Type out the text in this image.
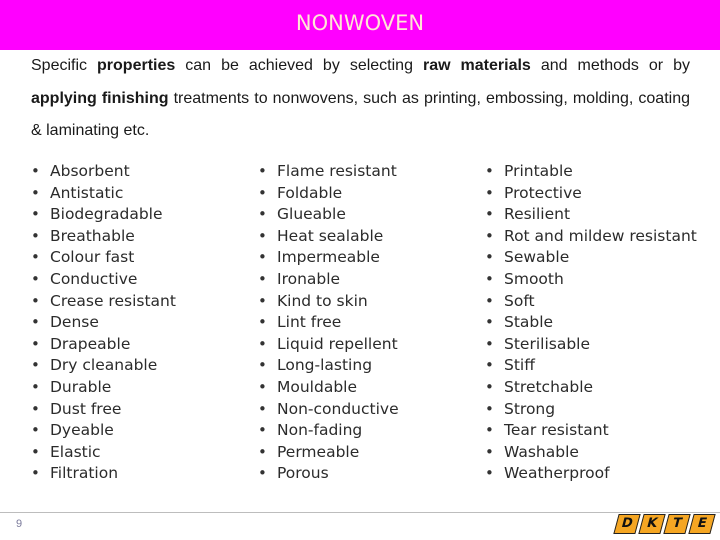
NONWOVEN

Specific properties can be achieved by selecting raw materials and methods or by applying finishing treatments to nonwovens, such as printing, embossing, molding, coating & laminating etc.

• Absorbent
• Antistatic
• Biodegradable
• Breathable
• Colour fast
• Conductive
• Crease resistant
• Dense
• Drapeable
• Dry cleanable
• Durable
• Dust free
• Dyeable
• Elastic
• Filtration
• Flame resistant
• Foldable
• Glueable
• Heat sealable
• Impermeable
• Ironable
• Kind to skin
• Lint free
• Liquid repellent
• Long-lasting
• Mouldable
• Non-conductive
• Non-fading
• Permeable
• Porous
• Printable
• Protective
• Resilient
• Rot and mildew resistant
• Sewable
• Smooth
• Soft
• Stable
• Sterilisable
• Stiff
• Stretchable
• Strong
• Tear resistant
• Washable
• Weatherproof
9	D K T E
